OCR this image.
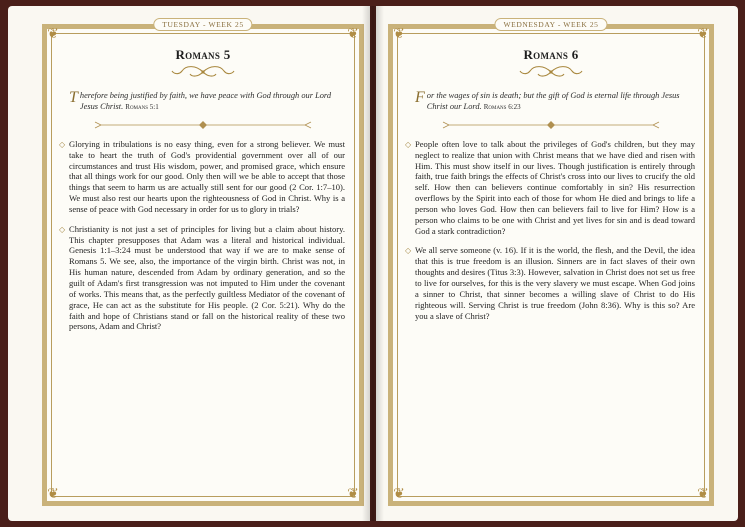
❦	❦
❦	❦
TUESDAY - WEEK 25
Romans 5
Therefore being justified by faith, we have peace with God through our Lord Jesus Christ. Romans 5:1
◇ Glorying in tribulations is no easy thing, even for a strong believer. We must take to heart the truth of God's providential government over all of our circumstances and trust His wisdom, power, and promised grace, which ensure that all things work for our good. Only then will we be able to accept that those things that seem to harm us are actually still sent for our good (2 Cor. 1:7–10). We must also rest our hearts upon the righteousness of God in Christ. Why is a sense of peace with God necessary in order for us to glory in trials?
◇ Christianity is not just a set of principles for living but a claim about history. This chapter presupposes that Adam was a literal and historical individual. Genesis 1:1–3:24 must be understood that way if we are to make sense of Romans 5. We see, also, the importance of the virgin birth. Christ was not, in His human nature, descended from Adam by ordinary generation, and so the guilt of Adam's first transgression was not imputed to Him under the covenant of works. This means that, as the perfectly guiltless Mediator of the covenant of grace, He can act as the substitute for His people. (2 Cor. 5:21). Why do the faith and hope of Christians stand or fall on the historical reality of these two persons, Adam and Christ?
❦	❦
❦	❦
WEDNESDAY - WEEK 25
Romans 6
For the wages of sin is death; but the gift of God is eternal life through Jesus Christ our Lord. Romans 6:23
◇ People often love to talk about the privileges of God's children, but they may neglect to realize that union with Christ means that we have died and risen with Him. This must show itself in our lives. Though justification is entirely through faith, true faith brings the effects of Christ's cross into our lives to crucify the old self. How then can believers continue comfortably in sin? His resurrection overflows by the Spirit into each of those for whom He died and brings to life a person who loves God. How then can believers fail to live for Him? How is a person who claims to be one with Christ and yet lives for sin and is dead toward God a stark contradiction?
◇ We all serve someone (v. 16). If it is the world, the flesh, and the Devil, the idea that this is true freedom is an illusion. Sinners are in fact slaves of their own thoughts and desires (Titus 3:3). However, salvation in Christ does not set us free to live for ourselves, for this is the very slavery we must escape. When God joins a sinner to Christ, that sinner becomes a willing slave of Christ to do His righteous will. Serving Christ is true freedom (John 8:36). Why is this so? Are you a slave of Christ?
